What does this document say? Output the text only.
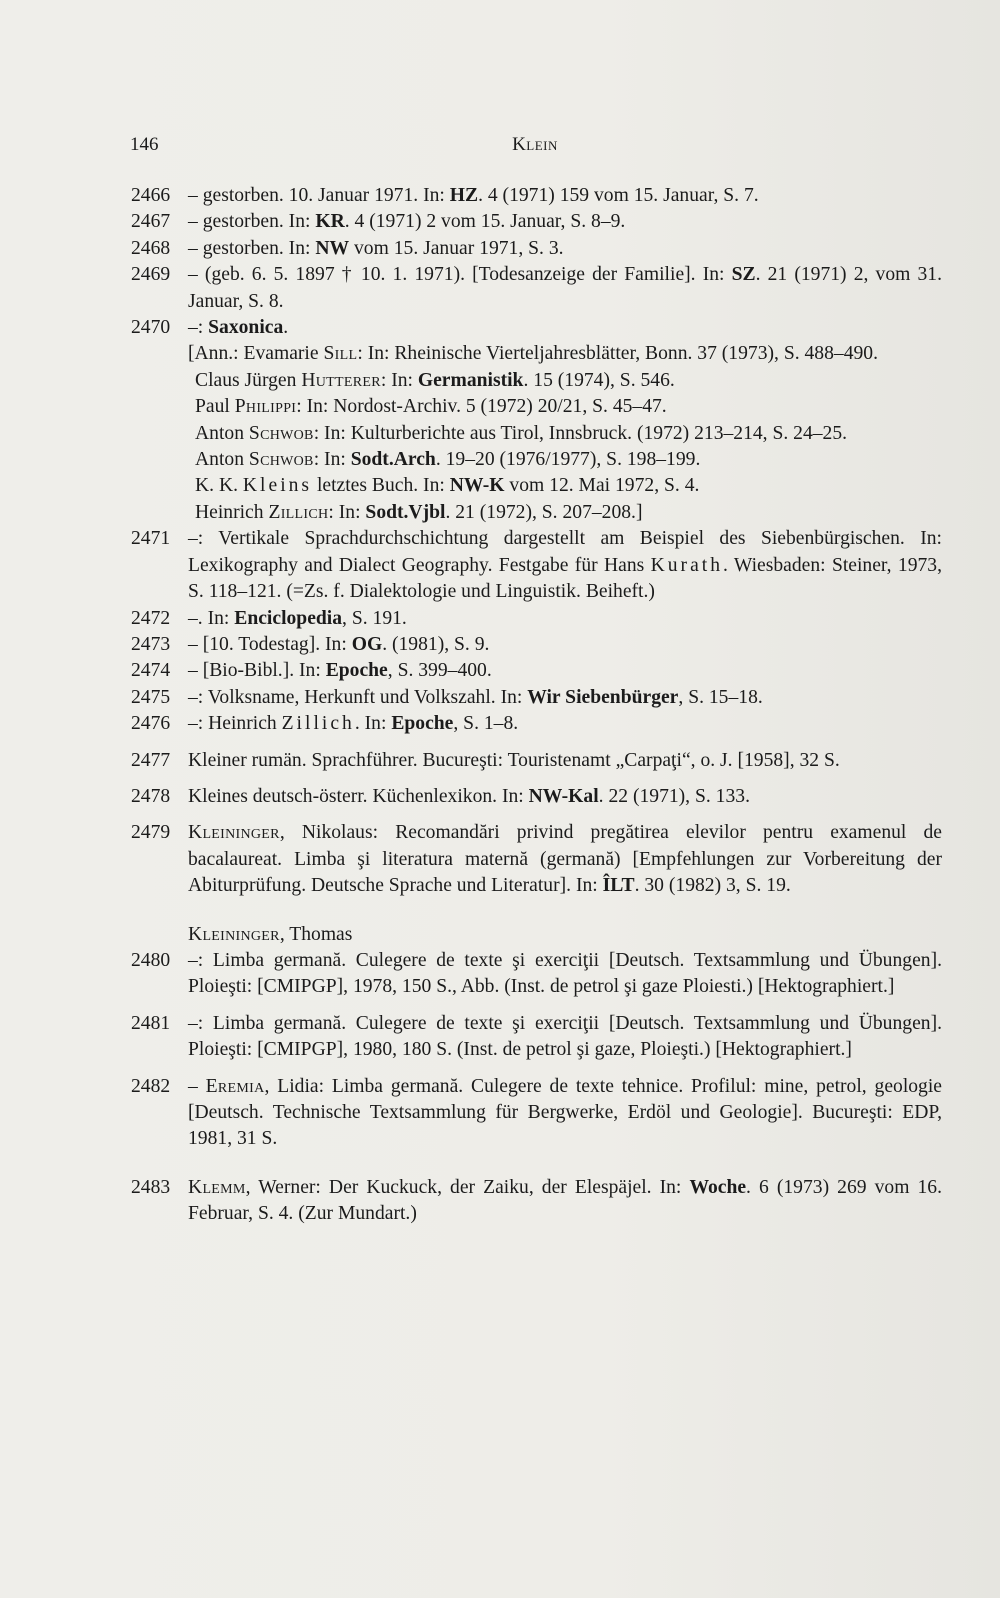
146	Klein
2466 – gestorben. 10. Januar 1971. In: HZ. 4 (1971) 159 vom 15. Januar, S. 7.
2467 – gestorben. In: KR. 4 (1971) 2 vom 15. Januar, S. 8–9.
2468 – gestorben. In: NW vom 15. Januar 1971, S. 3.
2469 – (geb. 6. 5. 1897 † 10. 1. 1971). [Todesanzeige der Familie]. In: SZ. 21 (1971) 2, vom 31. Januar, S. 8.
2470 –: Saxonica.
[Ann.: Evamarie Sill: In: Rheinische Vierteljahresblätter, Bonn. 37 (1973), S. 488–490.
Claus Jürgen Hutterer: In: Germanistik. 15 (1974), S. 546.
Paul Philippi: In: Nordost-Archiv. 5 (1972) 20/21, S. 45–47.
Anton Schwob: In: Kulturberichte aus Tirol, Innsbruck. (1972) 213–214, S. 24–25.
Anton Schwob: In: Sodt.Arch. 19–20 (1976/1977), S. 198–199.
K. K. Kleins letztes Buch. In: NW-K vom 12. Mai 1972, S. 4.
Heinrich Zillich: In: Sodt.Vjbl. 21 (1972), S. 207–208.]
2471 –: Vertikale Sprachdurchschichtung dargestellt am Beispiel des Siebenbürgischen. In: Lexikography and Dialect Geography. Festgabe für Hans Kurath. Wiesbaden: Steiner, 1973, S. 118–121. (=Zs. f. Dialektologie und Linguistik. Beiheft.)
2472 –. In: Enciclopedia, S. 191.
2473 – [10. Todestag]. In: OG. (1981), S. 9.
2474 – [Bio-Bibl.]. In: Epoche, S. 399–400.
2475 –: Volksname, Herkunft und Volkszahl. In: Wir Siebenbürger, S. 15–18.
2476 –: Heinrich Zillich. In: Epoche, S. 1–8.
2477 Kleiner rumän. Sprachführer. Bucureşti: Touristenamt „Carpaţi“, o. J. [1958], 32 S.
2478 Kleines deutsch-österr. Küchenlexikon. In: NW-Kal. 22 (1971), S. 133.
2479 Kleininger, Nikolaus: Recomandări privind pregătirea elevilor pentru examenul de bacalaureat. Limba şi literatura maternă (germană) [Empfehlungen zur Vorbereitung der Abiturprüfung. Deutsche Sprache und Literatur]. In: ÎLT. 30 (1982) 3, S. 19.
Kleininger, Thomas
2480 –: Limba germană. Culegere de texte şi exerciţii [Deutsch. Textsammlung und Übungen]. Ploieşti: [CMIPGP], 1978, 150 S., Abb. (Inst. de petrol şi gaze Ploiesti.) [Hektographiert.]
2481 –: Limba germană. Culegere de texte şi exerciţii [Deutsch. Textsammlung und Übungen]. Ploieşti: [CMIPGP], 1980, 180 S. (Inst. de petrol şi gaze, Ploieşti.) [Hektographiert.]
2482 – Eremia, Lidia: Limba germană. Culegere de texte tehnice. Profilul: mine, petrol, geologie [Deutsch. Technische Textsammlung für Bergwerke, Erdöl und Geologie]. Bucureşti: EDP, 1981, 31 S.
2483 Klemm, Werner: Der Kuckuck, der Zaiku, der Elespäjel. In: Woche. 6 (1973) 269 vom 16. Februar, S. 4. (Zur Mundart.)
